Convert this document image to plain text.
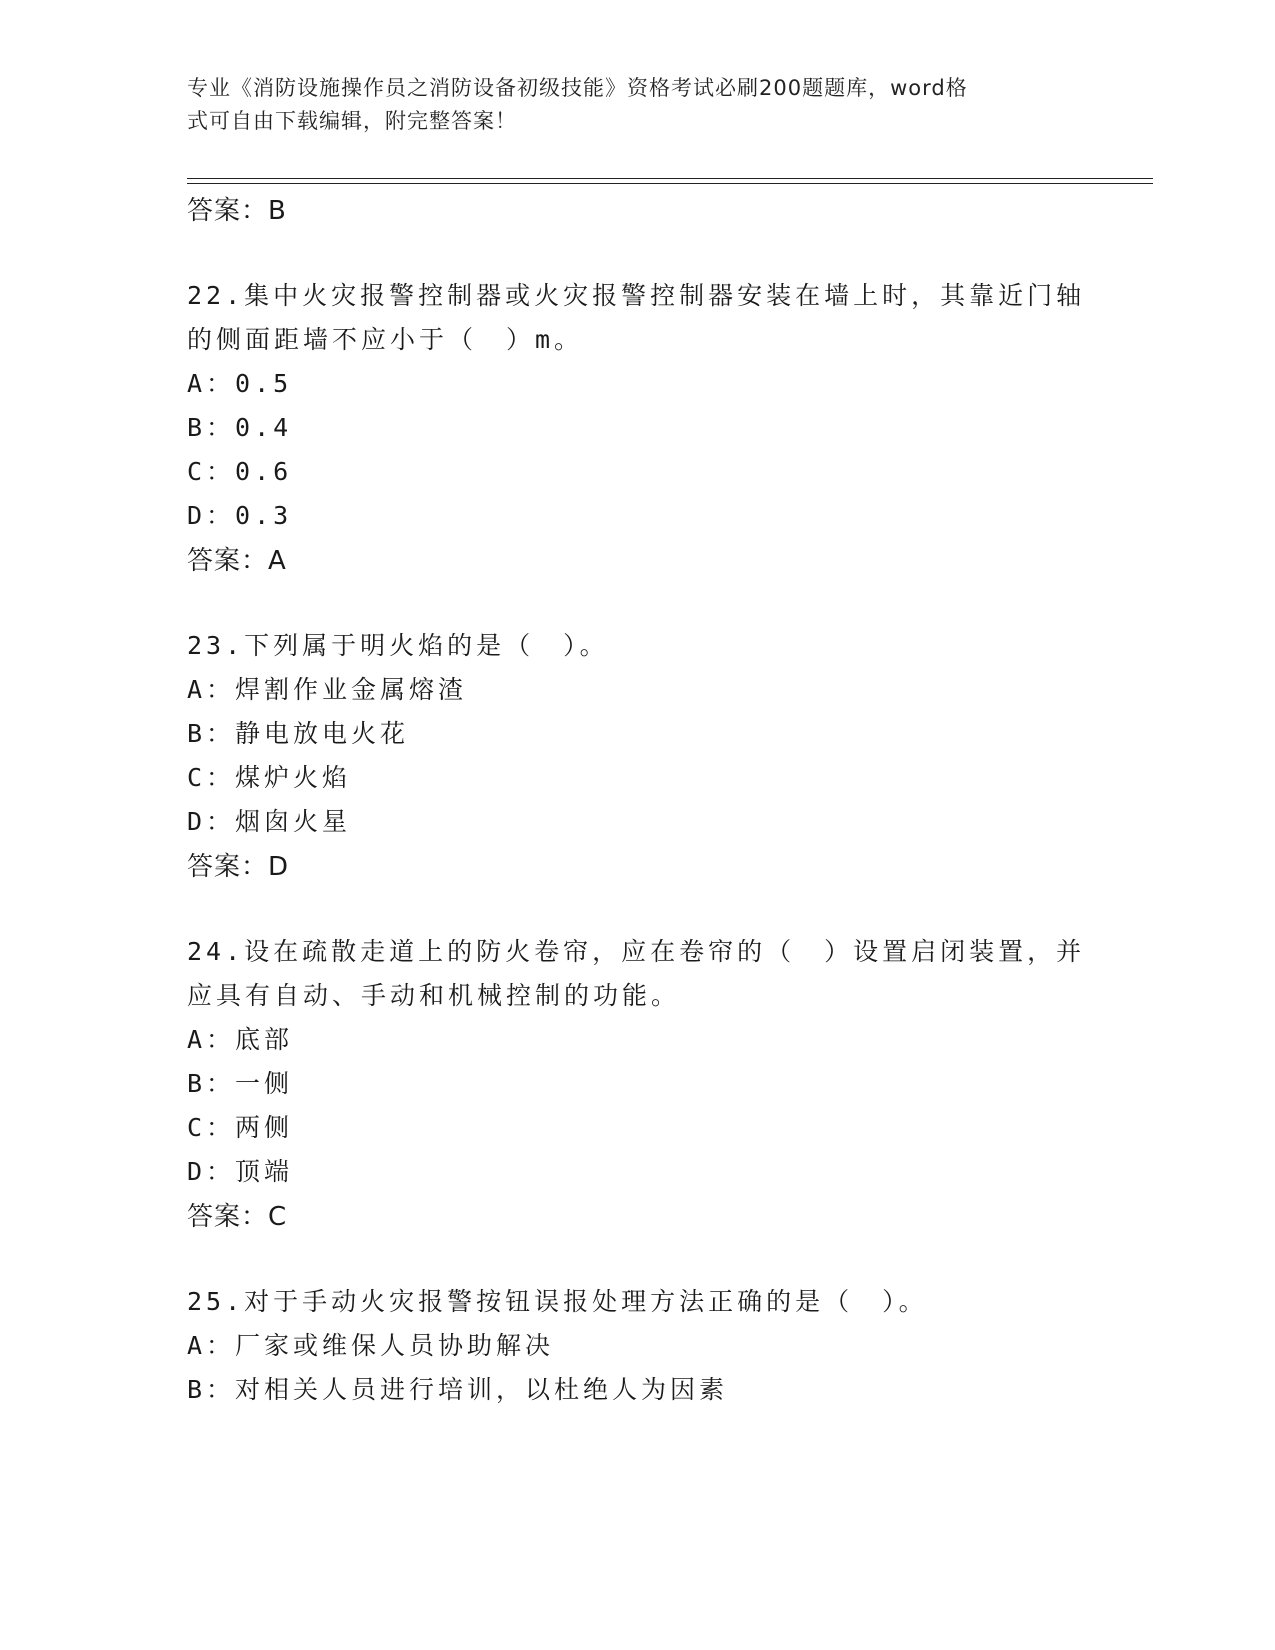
专业《消防设施操作员之消防设备初级技能》资格考试必刷200题题库，word格
式可自由下载编辑，附完整答案！
答案：B
22.集中火灾报警控制器或火灾报警控制器安装在墙上时，其靠近门轴
的侧面距墙不应小于（　）m。
A：0.5
B：0.4
C：0.6
D：0.3
答案：A
23.下列属于明火焰的是（　）。
A：焊割作业金属熔渣
B：静电放电火花
C：煤炉火焰
D：烟囱火星
答案：D
24.设在疏散走道上的防火卷帘，应在卷帘的（　）设置启闭装置，并
应具有自动、手动和机械控制的功能。
A：底部
B：一侧
C：两侧
D：顶端
答案：C
25.对于手动火灾报警按钮误报处理方法正确的是（　）。
A：厂家或维保人员协助解决
B：对相关人员进行培训，以杜绝人为因素
